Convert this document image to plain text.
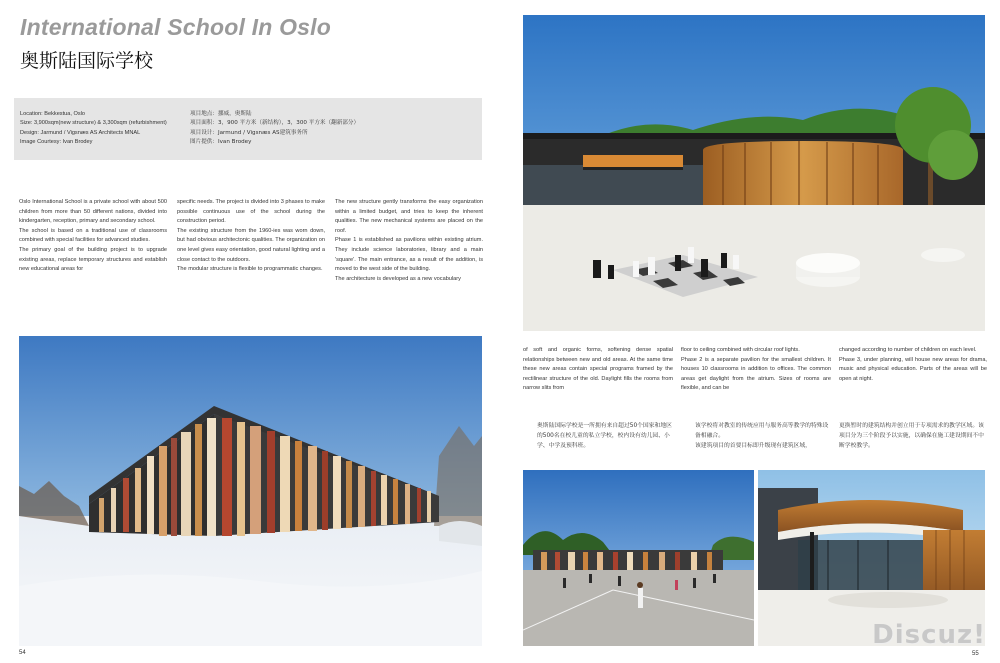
International School In Oslo
奥斯陆国际学校
Location: Bekkestua, Oslo
Size: 3,900sqm(new structure) & 3,300sqm (refurbishment)
Design: Jarmund / Vigsnæs AS Architects MNAL
Image Courtesy: Ivan Brodey
项目地点：挪威，奥斯陆
项目面积：3，900 平方米（新结构），3，300 平方米（翻新部分）
项目设计：Jarmund / Vigsnæs AS建筑事务所
图片提供：Ivan Brodey

Oslo International School is a private school with about 500 children from more than 50 different nations, divided into kindergarten, reception, primary and secondary school.

The school is based on a traditional use of classrooms combined with special facilities for advanced studies.

The primary goal of the building project is to upgrade existing areas, replace temporary structures and establish new educational areas for

specific needs. The project is divided into 3 phases to make possible continuous use of the school during the construction period.

The existing structure from the 1960-ies was worn down, but had obvious architectonic qualities. The organization on one level gives easy orientation, good natural lighting and a close contact to the outdoors.

The modular structure is flexible to programmatic changes.

The new structure gently transforms the easy organization within a limited budget, and tries to keep the inherent qualities. The new mechanical systems are placed on the roof.

Phase 1 is established as pavilions within existing atrium. They include science laboratories, library and a main 'square'. The main entrance, as a result of the addition, is moved to the west side of the building.

The architecture is developed as a new vocabulary

54

of soft and organic forms, softening dense spatial relationships between new and old areas. At the same time these new areas contain special programs framed by the rectilinear structure of the old. Daylight fills the rooms from narrow slits from

floor to ceiling combined with circular roof lights.

Phase 2 is a separate pavilion for the smallest children. It houses 10 classrooms in addition to offices. The common areas get daylight from the atrium. Sizes of rooms are flexible, and can be

changed according to number of children on each level.

Phase 3, under planning, will house new areas for drama, music and physical education. Parts of the areas will be open at night.

奥斯陆国际学校是一所拥有来自超过50个国家和地区的500名在校儿童的私立学校，校内设有幼儿园、小学、中学及预科班。

该学校将对教室的传统应用与服务高等教学的特殊设备相融合。

该建筑项目的首要目标即升级现有建筑区域，

更换暂时的建筑结构并创立用于专项需求的教学区域。该项目分为三个阶段予以实施，以确保在施工建设期间不中断学校教学。

55
Discuz!
